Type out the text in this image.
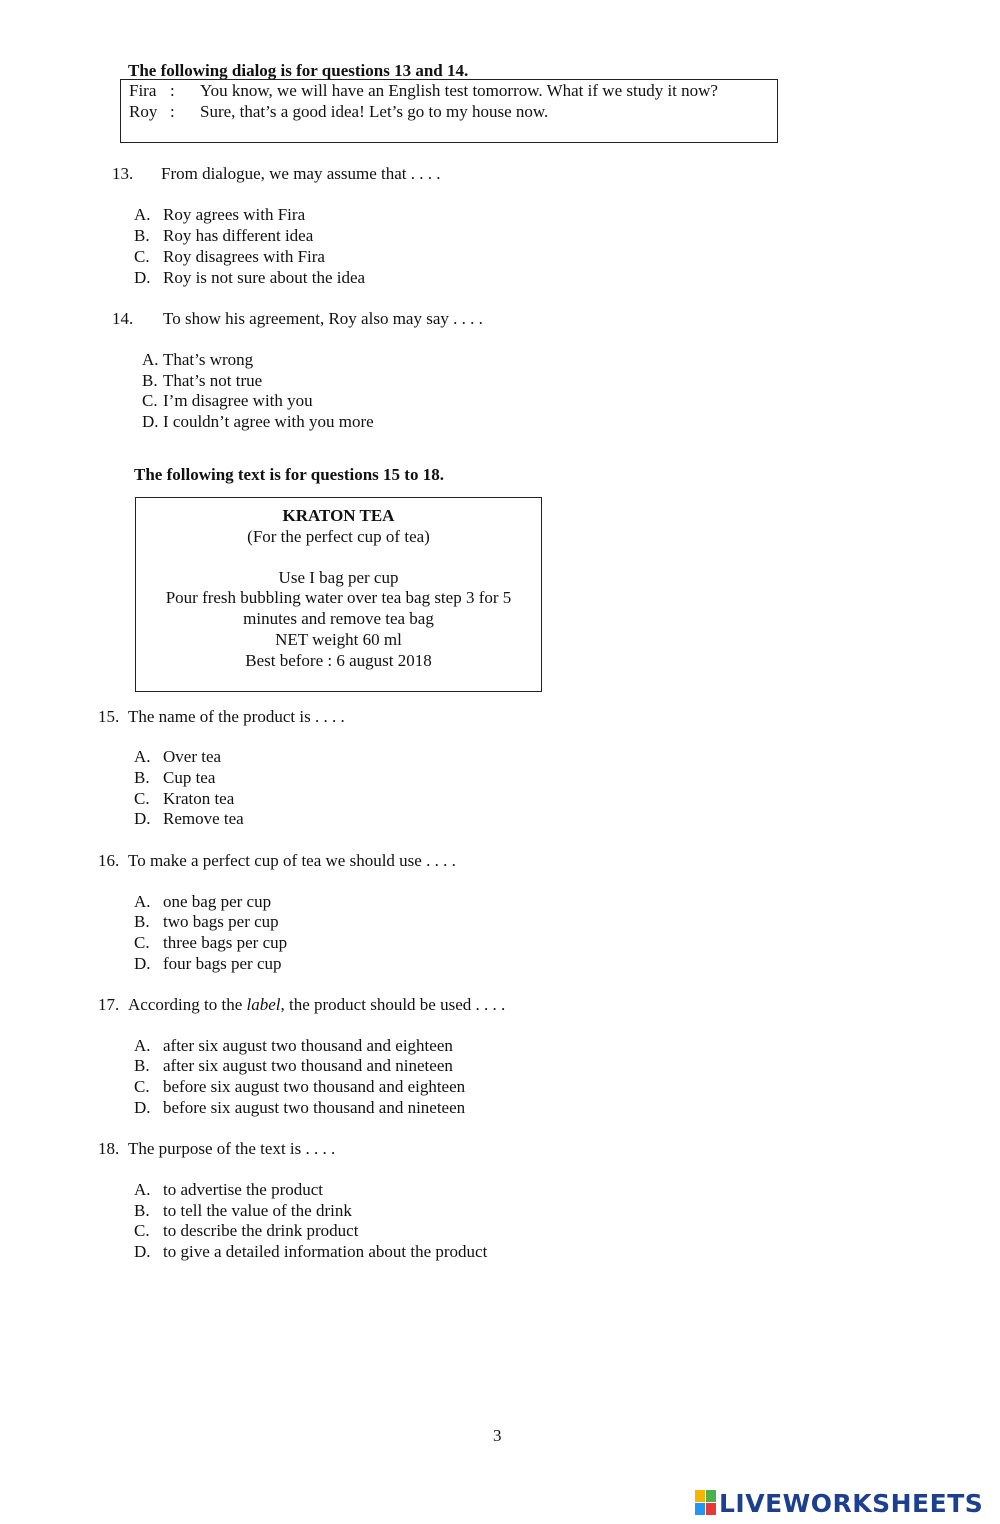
The following dialog is for questions 13 and 14.
Fira : You know, we will have an English test tomorrow. What if we study it now?
Roy : Sure, that’s a good idea! Let’s go to my house now.
13. From dialogue, we may assume that . . . .
A. Roy agrees with Fira
B. Roy has different idea
C. Roy disagrees with Fira
D. Roy is not sure about the idea
14. To show his agreement, Roy also may say . . . .
A. That’s wrong
B. That’s not true
C. I’m disagree with you
D. I couldn’t agree with you more
The following text is for questions 15 to 18.
KRATON TEA
(For the perfect cup of tea)
Use I bag per cup
Pour fresh bubbling water over tea bag step 3 for 5
minutes and remove tea bag
NET weight 60 ml
Best before : 6 august 2018
15. The name of the product is . . . .
A. Over tea
B. Cup tea
C. Kraton tea
D. Remove tea
16. To make a perfect cup of tea we should use . . . .
A. one bag per cup
B. two bags per cup
C. three bags per cup
D. four bags per cup
17. According to the label, the product should be used . . . .
A. after six august two thousand and eighteen
B. after six august two thousand and nineteen
C. before six august two thousand and eighteen
D. before six august two thousand and nineteen
18. The purpose of the text is . . . .
A. to advertise the product
B. to tell the value of the drink
C. to describe the drink product
D. to give a detailed information about the product
3
LIVEWORKSHEETS
